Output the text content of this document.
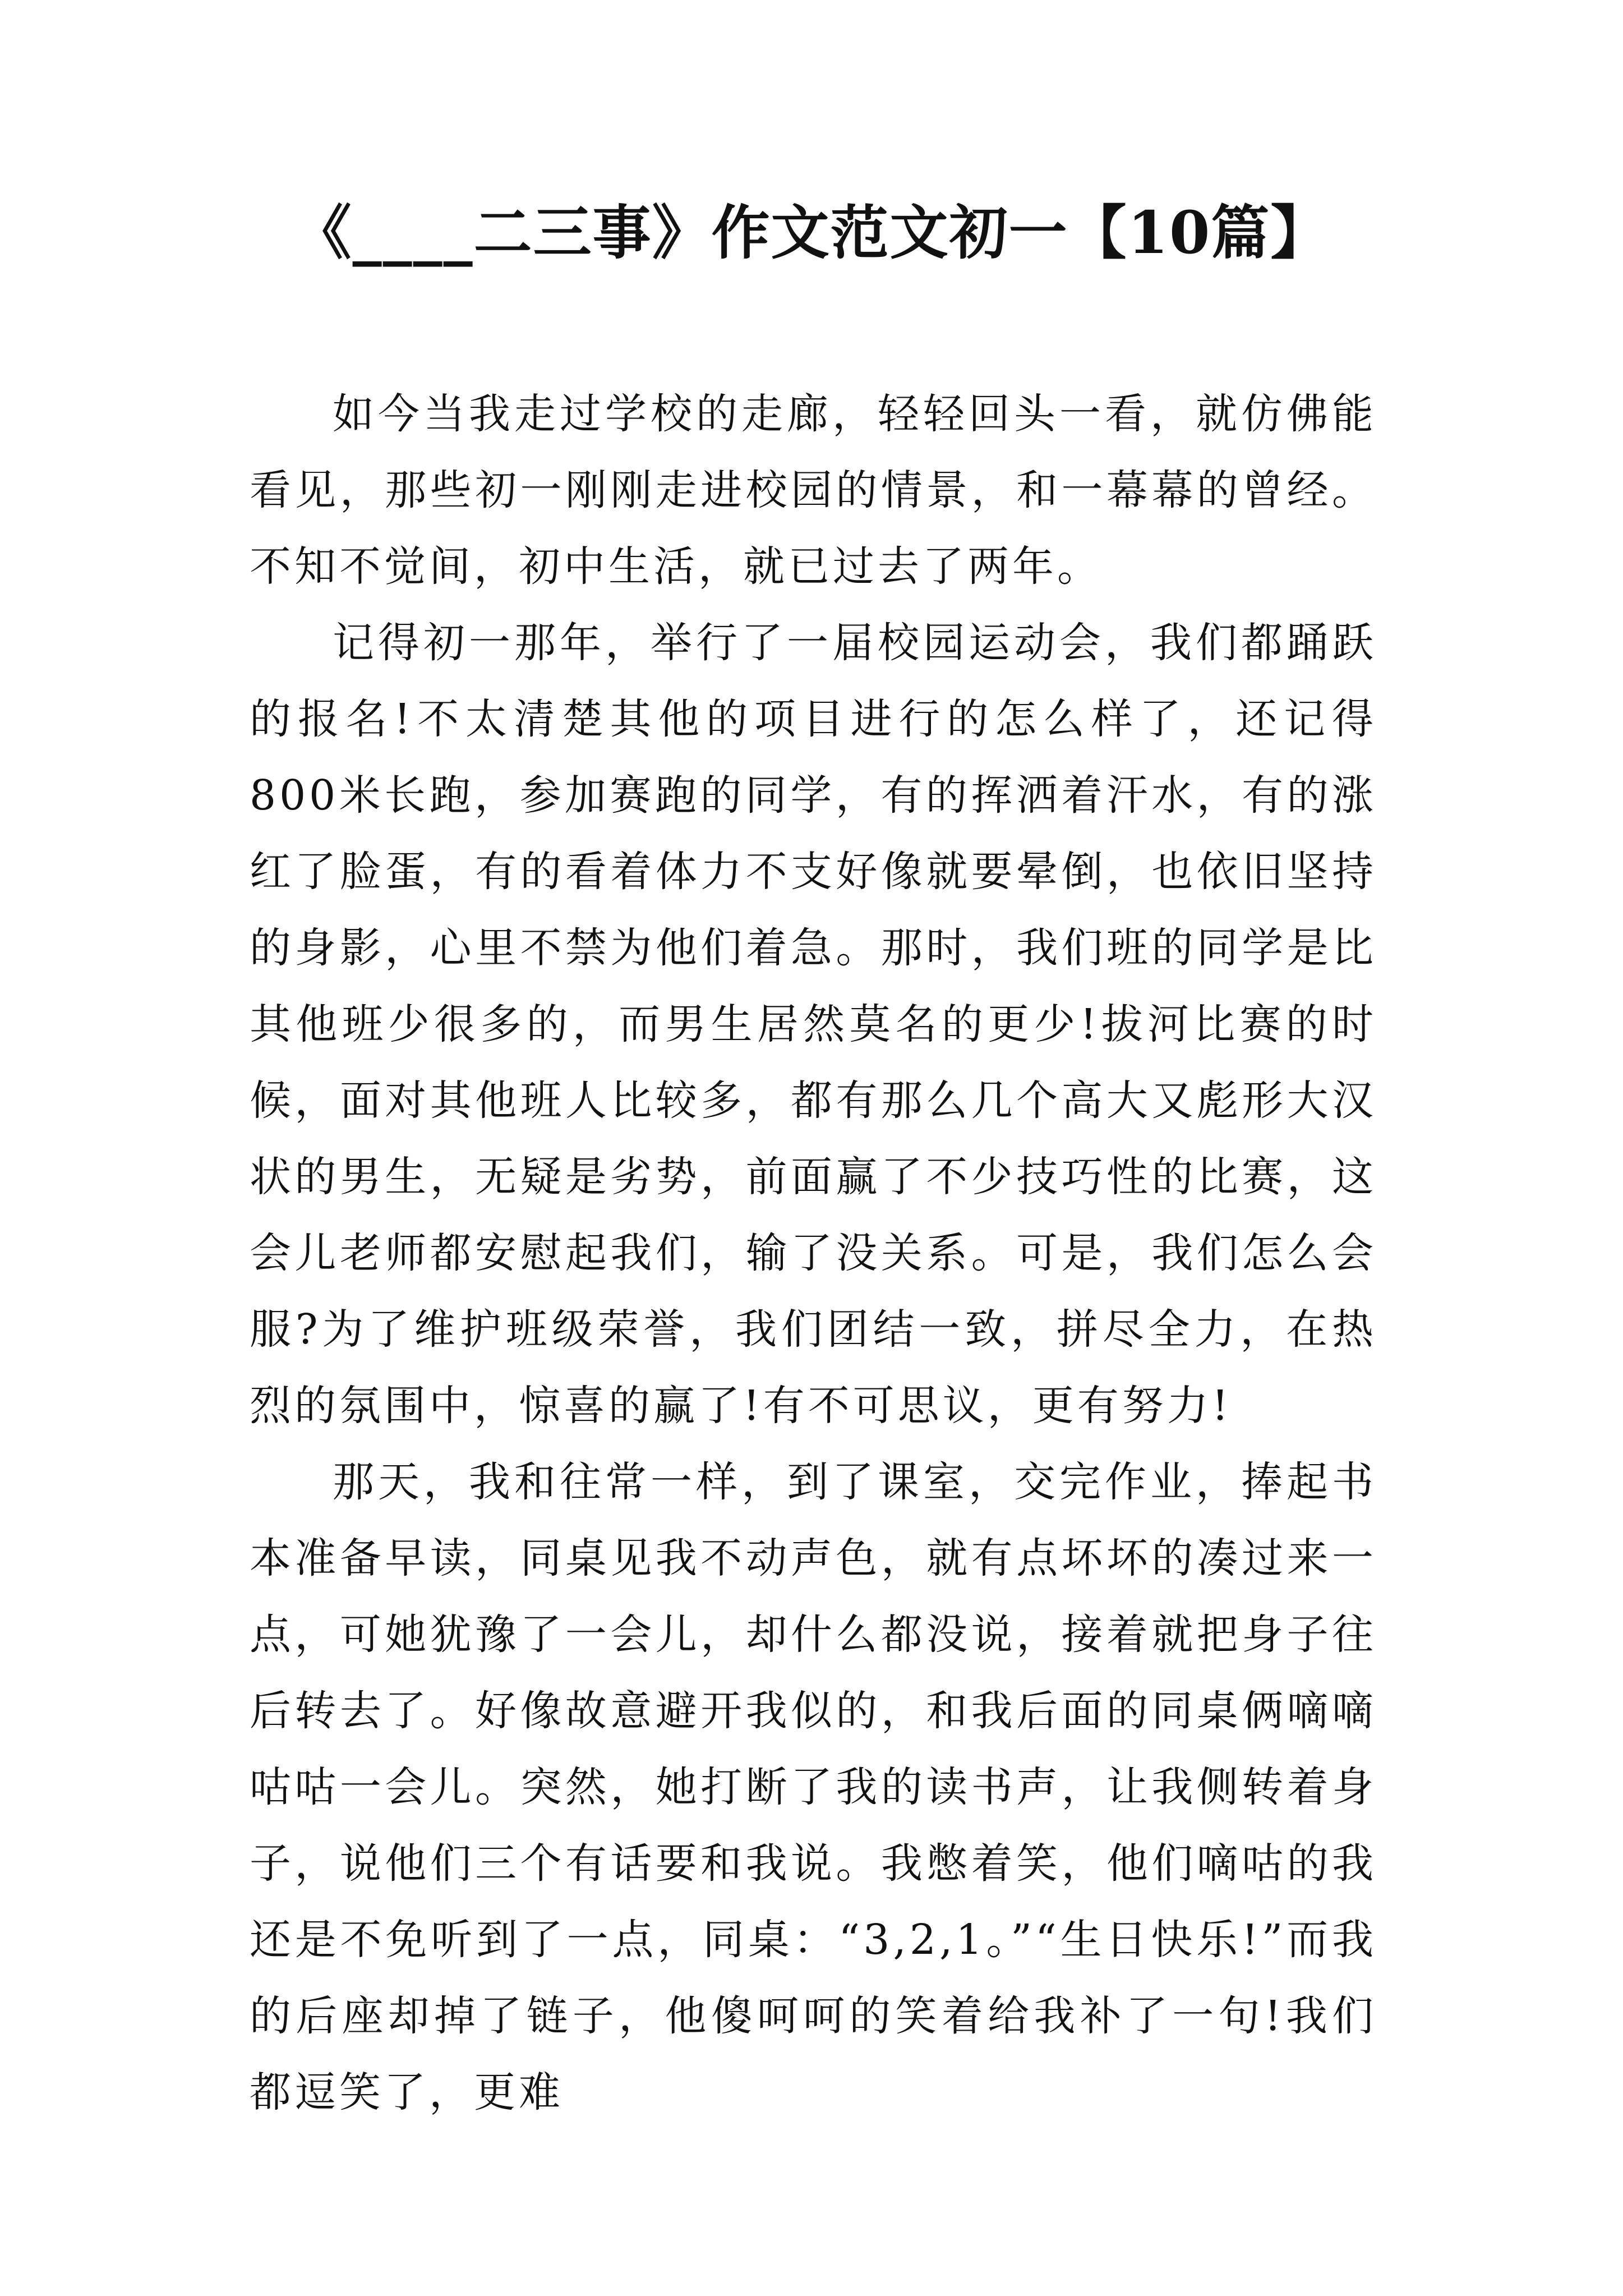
《____二三事》作文范文初一【10篇】

如今当我走过学校的走廊，轻轻回头一看，就仿佛能看见，那些初一刚刚走进校园的情景，和一幕幕的曾经。不知不觉间，初中生活，就已过去了两年。

记得初一那年，举行了一届校园运动会，我们都踊跃的报名!不太清楚其他的项目进行的怎么样了，还记得800米长跑，参加赛跑的同学，有的挥洒着汗水，有的涨红了脸蛋，有的看着体力不支好像就要晕倒，也依旧坚持的身影，心里不禁为他们着急。那时，我们班的同学是比其他班少很多的，而男生居然莫名的更少!拔河比赛的时候，面对其他班人比较多，都有那么几个高大又彪形大汉状的男生，无疑是劣势，前面赢了不少技巧性的比赛，这会儿老师都安慰起我们，输了没关系。可是，我们怎么会服?为了维护班级荣誉，我们团结一致，拼尽全力，在热烈的氛围中，惊喜的赢了!有不可思议，更有努力!

那天，我和往常一样，到了课室，交完作业，捧起书本准备早读，同桌见我不动声色，就有点坏坏的凑过来一点，可她犹豫了一会儿，却什么都没说，接着就把身子往后转去了。好像故意避开我似的，和我后面的同桌俩嘀嘀咕咕一会儿。突然，她打断了我的读书声，让我侧转着身子，说他们三个有话要和我说。我憋着笑，他们嘀咕的我还是不免听到了一点，同桌：“3,2,1。”“生日快乐!”而我的后座却掉了链子，他傻呵呵的笑着给我补了一句!我们都逗笑了，更难
